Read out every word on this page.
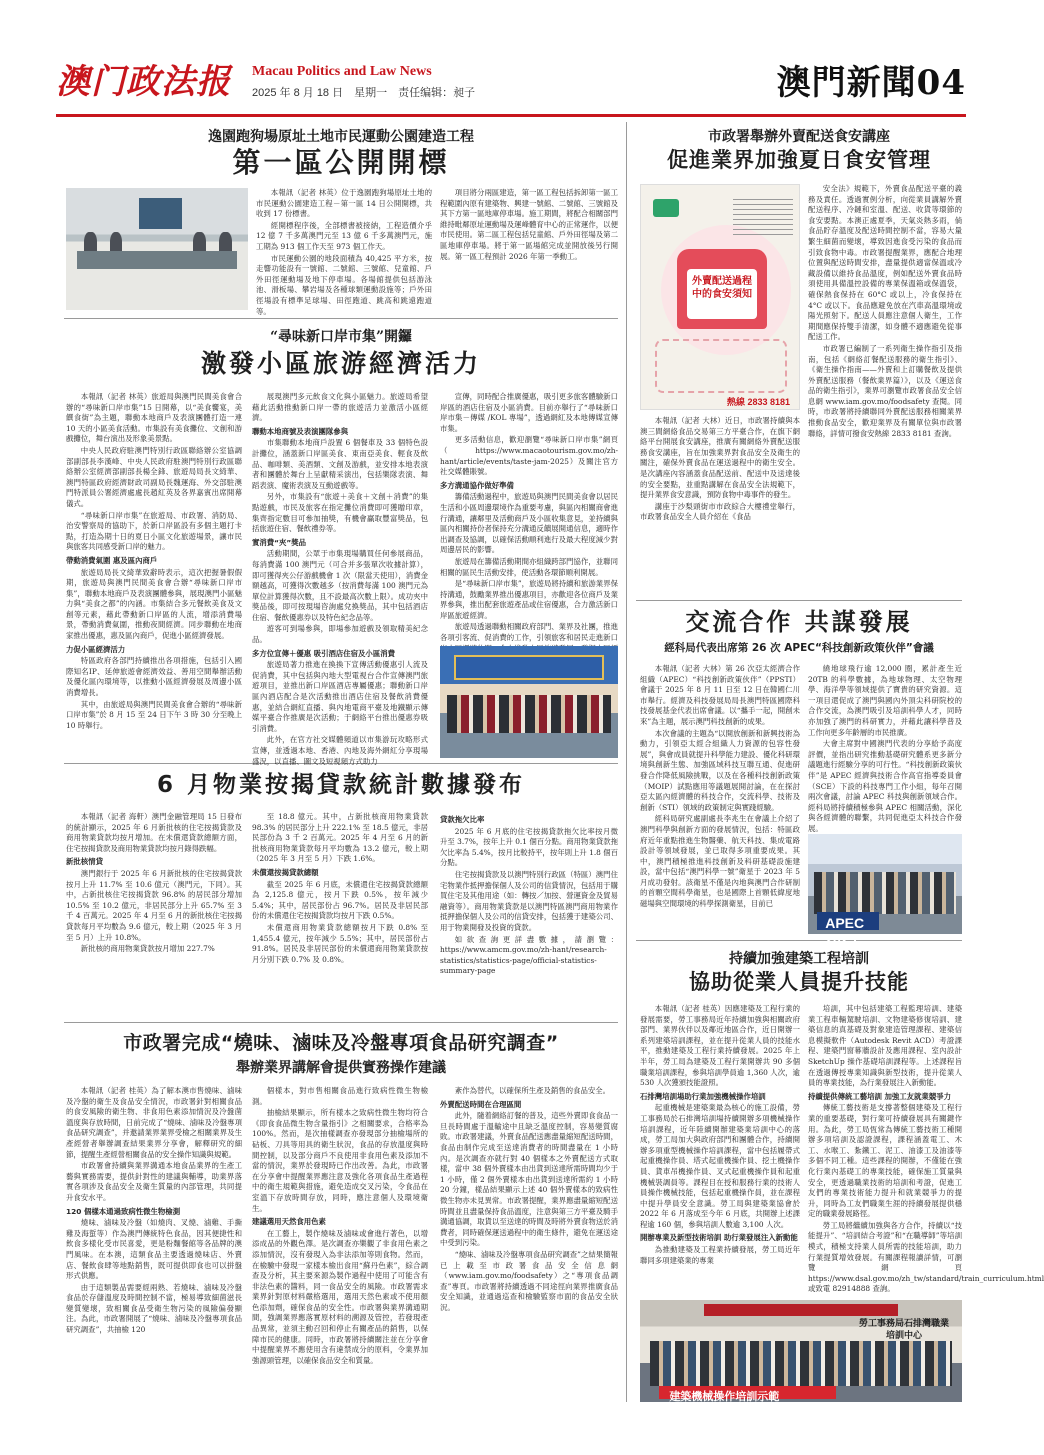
澳门政法报 Macau Politics and Law News
2025 年 8 月 18 日　星期一　责任编辑：昶子	澳門新聞04
逸園跑狗場原址土地市民運動公園建造工程
第一區公開開標

本報訊（記者 林英）位于逸園跑狗場原址土地的市民運動公園建造工程－第一區 14 日公開開標，共收到 17 份標書。

經開標程序後，全部標書被接納，工程造價介乎 12 億 7 千多萬澳門元至 13 億 6 千多萬澳門元，施工期為 913 個工作天至 973 個工作天。

市民運動公園的地段面積為 40,425 平方米，按走響功能設有一號館、二號館、三號館、兒童館、戶外田徑運動場及地下停車場。各場館提供包括游泳池、滑板場、攀岩場及各種球類運動設施等；戶外田徑場設有標準足球場、田徑跑道、跳高和跳遠跑道等。

項目將分兩區建造，第一區工程包括拆卸第一區工程範圍內原有建築物、興建一號館、二號館、三號館及其下方第一區地庫停車場。施工期間，將配合相關部門維持毗鄰原址運動場及運峰體育中心的正常運作，以便市民使用。第二區工程包括兒童館、戶外田徑場及第二區地庫停車場。將于第一區場館完成並開放後另行開展。第一區工程預計 2026 年第一季動工。

“尋味新口岸市集”開鑼
激發小區旅游經濟活力

本報訊（記者 林英）旅遊局與澳門民間美食會合辦的“尋味新口岸市集”15 日開幕，以“美食饗宴，美饌食街”為主題，聯動本地商戶及表演團體打造一連 10 天的小區美食活動。市集設有美食攤位、文創和游戲攤位，舞台演出及形象美景點。

中央人民政府駐澳門特別行政區聯絡辦公室協調部副部長李漢峰、中央人民政府駐澳門特別行政區聯絡辦公室經濟部副部長楊全鋒、旅遊局局長文綺華、澳門特區政府經濟財政司副局長魏運海、外交部駐澳門特派員公署經濟處處長趙紅英及各界嘉賓出席開幕儀式。

“尋味新口岸市集”在旅遊局、市政署、消防局、治安警察局的協助下，於新口岸區設有多個主題打卡點，打造為期十日的夏日小區文化旅遊場景，讓市民與旅客共同感受新口岸的魅力。

帶動消費氣圍 惠及區內商戶

旅遊局局長文綺華致辭時表示，這次把握暑假假期，旅遊局與澳門民間美食會合辦“尋味新口岸市集”，聯動本地商戶及表演團體參與，展現澳門小區魅力與“美食之都”的內涵。市集結合多元餐飲美食及文創等元素，藉此帶動新口岸區的人流，增添消費場景，帶動消費氣圍，推動夜間經濟。同步聯動在地商家推出優惠，惠及區內商戶，促進小區經濟發展。

力促小區經濟活力

特區政府各部門持續推出各項措施，包括引入國際知名IP、延伸旅遊會經濟效益、善用空間舉辦活動及優化區內環境等，以推動小區經濟發展及周邊小區消費增長。

其中，由旅遊局與澳門民間美食會合辦的“尋味新口岸市集”於 8 月 15 至 24 日下午 3 時 30 分至晚上 10 時舉行。

展現澳門多元飲食文化與小區魅力。旅遊局希望藉此活動推動新口岸一帶的旅遊活力並激活小區經濟。

聯動本地商號及表演團隊參與

市集聯動本地商戶設置 6 個餐車及 33 個特色設計攤位，涵蓋新口岸區美食、東南亞美食、輕食及飲品、咖啡類、美酒類、文創及游戲，並安排本地表演者和團體於舞台上呈獻精采演出，包括樂隊表演、舞蹈表演、魔術表演及互動遊戲等。

另外，市集設有“旅遊＋美食＋文創＋消費”的集點遊戲，市民及旅客在指定攤位消費即可獲贈印章，集齊指定數目可參加抽獎，有機會贏取豐富獎品，包括旅遊住宿、餐飲禮券等。

實消費“夾”獎品

活動期間，公眾于市集現場購買任何參展商品，每消費滿 100 澳門元（可合并多張單次收據計算），即可獲得夾公仔游戲機會 1 次（限當天使用），消費金額越高，可獲得次數越多（按消費每滿 100 澳門元為單位計算獲得次數，且不設最高次數上限）。成功夾中獎品後，即可按現場咨詢處兌換獎品，其中包括酒店住宿、餐飲優惠券以及特色紀念品等。

遊客可到場參與，即場參加遊戲及領取精美紀念品。

多方位宣傳＋優惠 吸引酒店住宿及小區消費

旅遊局著力推進在換換下宣傳活動優惠引人流及促消費，其中包括與內地大型電視台合作宣傳澳門旅遊項目，並推出新口岸區酒店專屬優惠；聯動新口岸區內酒店配合是次活動推出酒店住宿及餐飲消費優惠，並結合網紅直播、與內地電商平臺及地鐵顯示傳媒平臺合作推廣是次活動；于網絡平台推出優惠券吸引消費。

此外，在官方社交媒體頻道以市集游玩攻略形式宣傳，並透過本地、香港、內地及海外網紅分享現場盛況，以直播、圖文及短視頻方式助力

宣傳，同時配合推廣優惠，吸引更多旅客體驗新口岸區的酒店住宿及小區消費。目前亦舉行了“尋味新口岸市集－傳媒 /KOL 專場”，透過網紅及本地傳媒宣傳市集。

更多活動信息，歡迎瀏覽“尋味新口岸市集”網頁（https://www.macaotourism.gov.mo/zh-hant/article/events/taste-jam-2025）及關注官方社交媒體賬號。

多方溝通協作做好準備

籌備活動過程中，旅遊局與澳門民間美食會以居民生活和小區周邊環境作為重要考慮，與區內相關商會進行溝通，讓鄰里及活動商戶及小區收集意見，並持續與區內相關持份者保持充分溝通反饋展開通信息，適時作出調查及協調，以確保活動順利進行及最大程度減少對周邊居民的影響。

旅遊局在籌備活動期間亦組織跨部門協作，並聯同相關的區民生活動安排，使活動各環節順利開展。

是“尋味新口岸市集”，旅遊局將持續和旅游業界保持溝通，鼓勵業界推出優惠項目，亦歡迎各位商戶及業界參與，推出配套旅遊產品或住宿優惠，合力激活新口岸區旅遊經濟。

旅遊局透過聯動相關政府部門、業界及社團，推進各項引客流、促消費的工作，引領旅客和居民走進新口

6 月物業按揭貸款統計數據發布

本報訊（記者 海軒）澳門金融管理局 15 日發布的統計顯示，2025 年 6 月新批核的住宅按揭貸款及商用物業貸款均按月增加。在未償還貸款總額方面，住宅按揭貸款及商用物業貸款均按月錄得跌幅。

新批核情貸

澳門銀行于 2025 年 6 月新批核的住宅按揭貸款按月上升 11.7% 至 10.6 億元（澳門元，下同）。其中，占新批核住宅按揭貸款 96.8% 的居民部分增加 10.5% 至 10.2 億元，非居民部分上升 65.7% 至 3 千 4 百萬元。2025 年 4 月至 6 月的新批核住宅按揭貸款每月平均數為 9.6 億元，較上期（2025 年 3 月至 5 月）上升 10.8%。

新批核的商用物業貸款按月增加 227.7%

至 18.8 億元。其中，占新批核商用物業貸款 98.3% 的居民部分上升 222.1% 至 18.5 億元，非居民部份為 3 千 2 百萬元。2025 年 4 月至 6 月的新批核商用物業貸款每月平均數為 13.2 億元，較上期（2025 年 3 月至 5 月）下跌 1.6%。

未償還按揭貸款總額

截至 2025 年 6 月底，未償還住宅按揭貸款總額為 2,125.8 億元，按月下跌 0.5%，按年減少 5.4%；其中，居民部份占 96.7%。居民及非居民部份的未償還住宅按揭貸款均按月下跌 0.5%。

未償還商用物業貸款總額按月下跌 0.8% 至 1,455.4 億元，按年減少 5.5%；其中，居民部份占 91.8%。居民及非居民部份的未償還商用物業貸款按月分別下跌 0.7% 及 0.8%。

貸款拖欠比率

2025 年 6 月底的住宅按揭貸款拖欠比率按月微升至 3.7%，按年上升 0.1 個百分點。商用物業貸款拖欠比率為 5.4%，按月比較持平，按年則上升 1.8 個百分點。

住宅按揭貸款及以澳門特別行政區（特區）澳門住宅物業作抵押擔保個人及公司的信貸情況，包括用于購買住宅及其他用途（如：轉按／加按、營運資金及貿易融資等）。商用物業貸款是以澳門特區澳門商用物業作抵押擔保個人及公司的信貸安排，包括獲于建築公司、用于物業開發及投資的貸款。

如欲查詢更詳盡數據，請瀏覽：https://www.amcm.gov.mo/zh-hant/research-statistics/statistics-page/official-statistics-summary-page

市政署完成“燒味、滷味及冷盤專項食品研究調查”
舉辦業界講解會提供實務操作建議

本報訊（記者 桂英）為了解本澳市售燒味、滷味及冷盤的衛生及食品安全情況，市政署針對相關食品的食安風險的衛生物、非食用色素添加情況及冷盤菌溫度與存放時間，日前完成了“燒味、滷味及冷盤專項食品研究調查”，并邀請業界業界受檢之相關業界及生產經營者舉辦調查結果業界分享會，解釋研究的細節，提醒生產經營相關食品的安全操作知識與規範。

市政署會持續與業界溝通本地食品業界的生產工藝與實務需要，提供針對性的建議與輔導，助業界落實各項涉及食品安全及衛生質量的內部管理，共同提升食安水平。

120 個樣本通過致病性微生物檢測

燒味、滷味及冷盤（如燒肉、叉燒、滷雞、手撕雞及海蜇等）作為澳門傳統特色食品，因其便捷性和飲食多樣化受市民喜愛，更是粉麵餐館等各品牌的澳門風味。在本澳，這類食品主要透過燒味店、外賣店、餐飲食肆等地點銷售，既可提供即食也可以拼盤形式供應。

由于這類製品需要經兩熟、若燒味、滷味及冷盤食品於存儲溫度及時間控制不當，極易導致細菌滋長變質變壞，致相關食品受衛生物污染的風險偏發顯注。為此，市政署開展了“燒味、滷味及冷盤專項食品研究調查”，共抽檢 120

個樣本，對市售相關食品進行致病性微生物檢測。

抽檢結果顯示，所有樣本之致病性微生物均符合《即食食品微生物含量指引》之相關要求，合格率為 100%。然而，是次抽樣調查亦發現部分抽檢場所的砧板、刀具等用具的衛生狀況，食品的存放溫度與時間控制，以及部分商戶不良使用非食用色素及添加不當的情況，業界於發現時已作出改善。為此，市政署在分享會中提醒業界應注意及強化各項食品生產過程中的衛生規範與措施，避免造成交叉污染，令食品在室溫下存放時間存放，同時，應注意個人及環境衛生。

建議選用天然食用色素

在工藝上，製作燒味及滷味或會進行著色，以增添成品的外觀色澤。是次調查亦樂觀了非食用色素之添加情況，沒有發現入為非法添加等則食物。然而，在檢驗中發現一家樣本檢出食用“蘇丹色素”，綜合調查及分析，其主要來源為製作過程中使用了可能含有非法色素的醬料，同一食品安全的風險。市政署需求業界針對原材料嚴格選用，選用天然色素或不使用顏色添加劑，確保食品的安全性。市政署與業界溝通期間，強調業界應落實原材料的溯源及管控，若發現產品異常，並須主動召回和停止有關產品的銷售，以保障市民的健康。同時，市政署將持續關注並在分享會中提醒業界不應使用含有違禁成分的原料，令業界加強源頭管理，以確保食品安全和質量。

紊作為替代，以確保所生產及銷售的食品安全。

外賣配送時間在合理區間

此外，隨着網絡訂餐的普及，這些外賣即食食品一旦長時間處于溫輸途中且缺乏溫度控制，容易變質腐敗。市政署建議，外賣食品配送應盡量縮短配送時間，食品由制作完成至送達消費者的時間盡量在 1 小時內。是次調查亦就行對 40 個樣本之外賣配送方式取樣，當中 38 個外賣樣本由出貨到送達所需時間均少于 1 小時，僅 2 個外賣樣本由出貨到送達所需約 1 小時 20 分鐘，樣品結果顯示上述 40 個外賣樣本的致病性微生物亦未見異常。市政署提醒，業界應盡量縮短配送時間並且盡量保持食品溫度，注意與第三方平臺及騎手溝通協調，取貨以至送達的時間及時將外賣食物送於消費者，同時確保運送過程中的衛生條件，避免在運送途中受到污染。

“燒味、滷味及冷盤專項食品研究調查”之結果簡報已上載至市政署食品安全信息網（www.iam.gov.mo/foodsafety）之“專項食品調查”專頁。市政署將持續透過不同途徑向業界推廣食品安全知識，並通過巡查和檢驗監察市面的食品安全狀況。

市政署舉辦外賣配送食安講座
促進業界加強夏日食安管理
外賣配送過程中的食安須知
熱線 2833 8181

安全法》規範下，外賣食品配送平臺的義務及責任。透過實例分析，向從業員講解外賣配送程序、冷鏈和室溫、配送、收貨等環節的食安要點。本澳正處夏季，天氣炎熱多雨，倘食品貯存溫度及配送時間控制不當，容易大量繁生細菌而變壞，導致因進食受污染的食品而引致食物中毒。市政署提醒業界，應配合地理位置與配送時間安排，盡量提供適當保溫或冷藏設備以維持食品溫度，例如配送外賣食品時須使用具備溫控設備的專業保溫箱或保溫袋，確保熱食保持在 60°C 或以上，冷食保持在 4°C 或以下。食品應避免放在汽車高溫環境或陽光照射下。配送人員應注意個人衛生，工作期間應保持雙手清潔，如身體不適應避免從事配送工作。

市政署已編制了一系列衛生操作指引及指南，包括《網絡訂餐配送服務的衛生指引》、《衛生操作指南——外賣和上訂購餐飲及提供外賣配送服務（餐飲業界篇）》，以及《運送食品的衛生指引》，業界可瀏覽市政署食品安全信息網 www.iam.gov.mo/foodsafety 查閱。同時，市政署將持續聯同外賣配送服務相關業界推動食品安全，歡迎業界及有關單位與市政署聯絡，詳情可撥食安熱線 2833 8181 查詢。

本報訊（記者 大林）近日，市政署持續與本澳三間網絡食品交易第三方平臺合作，在旗下網絡平台開展食安講座，推廣有關網絡外賣配送服務食安講座，旨在加強業界對食品安全及衛生的關注，確保外賣食品在運送過程中的衛生安全。是次講座內容涵蓋食品配送前、配送中及送達後的安全要點，並重點講解在食品安全法規範下，提升業界食安意識，預防食物中毒事件的發生。

講座于沙梨頭街市市政綜合大樓禮堂舉行，市政署食品安全人員介紹在《食品

交流合作 共謀發展
經科局代表出席第 26 次 APEC“科技創新政策伙伴”會議

本報訊（記者 大林）第 26 次亞太經濟合作組織（APEC）“科技創新政策伙伴”（PPSTI）會議于 2025 年 8 月 11 日至 12 日在韓國仁川市舉行。經濟及科技發展局局長澳門特區國際科技發展基金代表出席會議。以“攜手一起，開創未來”為主題，展示澳門科技創新的成果。

本次會議的主題為“以開放創新和新興技術為動力，引領亞太經合組織人力資源的包容性發展”，與會成員就提升科學能力建設、優化科研環境與創新生態、加強區域科技互聯互通、促進研發合作降低風險挑戰，以及在各種科技創新政策（MOIP）試點應用等議題展開討論，在在探討亞太區內經濟體的科技合作，交流科學、技術及創新（STI）領域的政策制定與實踐經驗。

經科局研究處副處長李兆生在會議上介紹了澳門科學與創新方面的發展情況，包括：特區政府近年重點推進生物醫藥、航天科技、集成電路設計等領域發展，並已取得多項重要成果。其中，澳門積極推進科技創新及科研基礎設施建設，當中包括“澳門科學一號”衛星于 2023 年 5 月成功發射。該衛星不僅是內地與澳門合作研制的首顆空間科學衛星，也是國際上首顆低緯度地磁場與空間環境的科學探測衛星，目前已

繞地球飛行逾 12,000 圈，累計產生近 20TB 的科學數據，為地球物理、太空物理學、海洋學等領域提供了寶貴的研究資源。這一項目還促成了澳門與國內外頂尖科研院校的合作交流，為澳門吸引及培訓科學人才，同時亦加強了澳門的科研實力，并藉此讓科學普及工作向更多年齡層的市民推廣。

大會主席對中國澳門代表的分享給予高度評價，並指出研究推動基礎研究體系更多新分議題進行經驗分享的可行性。“科技創新政策伙伴”是 APEC 經濟與技術合作高官指導委員會（SCE）下設的科技專門工作小組，每年召開兩次會議，討論 APEC 科技與創新領域合作。經科局將持續積極參與 APEC 相關活動，深化與各經濟體的聯繫，共同促進亞太科技合作發展。

APEC 2025
持續加強建築工程培訓
協助從業人員提升技能

本報訊（記者 桂英）因應建築及工程行業的發展需要，勞工事務局近年持續加強與相關政府部門、業界伙伴以及鄰近地區合作，近日開辦一系列建築培訓課程，並在提升從業人員的技能水平，推動建築及工程行業持續發展。2025 年上半年，勞工局為建築及工程行業開辦共 90 多個職業培訓課程，參與培訓學員逾 1,360 人次，逾 530 人次獲頒技能證照。

石排灣培訓場助行業加強機械操作培訓

起重機械是建築業最為核心的施工設備，勞工事務局於石排灣培訓場持續開辦多項機械操作培訓課程，近年陸續開辦建築業培訓中心的落成，勞工局加大與政府部門和團體合作，持續開辦多項重型機械操作培訓課程，當中包括履帶式起重機操作員、塔式起重機操作員、挖土機操作員、貨車吊機操作員、叉式起重機操作員和起重機械裝調員等。課程目在授和服務行業的技術人員操作機械技能，包括起重機操作員，並在課程中提升學員安全意識。勞工局與建築業協會於 2022 年 6 月落成至今年 6 月底，共開辦上述課程逾 160 個，參與培訓人數逾 3,100 人次。

開辦專業及新型技術培訓 助行業發展注入新動能

為推動建築及工程業持續發展，勞工局近年聯同多項建築業的專業

培訓，其中包括建築工程監理培訓、建築業工程車輛駕駛培訓、文物建築修復培訓、建築信息的真基礎及對象建造管理課程、建築信息模擬軟件（Autodesk Revit ACD）考證課程、建築門窗幕牆設計及應用課程、室內設計 SketchUp 操作基礎培訓課程等。上述課程旨在透過傳授專業知識與新型技術，提升從業人員的專業技能，為行業發展注入新動能。

持續提供傳統工藝培訓 加強工友就業競爭力

傳統工藝技術是支撐著整個建築及工程行業的重要基礎，對行業可持續發展具有關鍵作用。為此，勞工局恆常為傳統工藝技術工種開辦多項培訓及認證課程，課程涵蓋電工、木工、水喉工、紮鐵工、泥工、油漆工及油漆等多個不同工種。這些課程的開辦，不僅能在強化行業內基礎工的專業技能，確保施工質量與安全，更透過職業技術的培訓和考證，促進工友們的專業技術能力提升和就業競爭力的提升，同時為工友們職業生涯的持續發展提供穩定的職業發展路徑。

勞工局將繼續加強與各方合作，持續以“技能提升”、“培訓結合考證”和“在職導師”等培訓模式，積極支持業人員所需的技能培訓，助力行業提質增效發展。有關課程報讀詳情，可瀏覽網頁 https://www.dsal.gov.mo/zh_tw/standard/train_curriculum.html 或致電 82914888 查詢。

勞工事務局石排灣職業培訓中心
建築機械操作培訓示範
